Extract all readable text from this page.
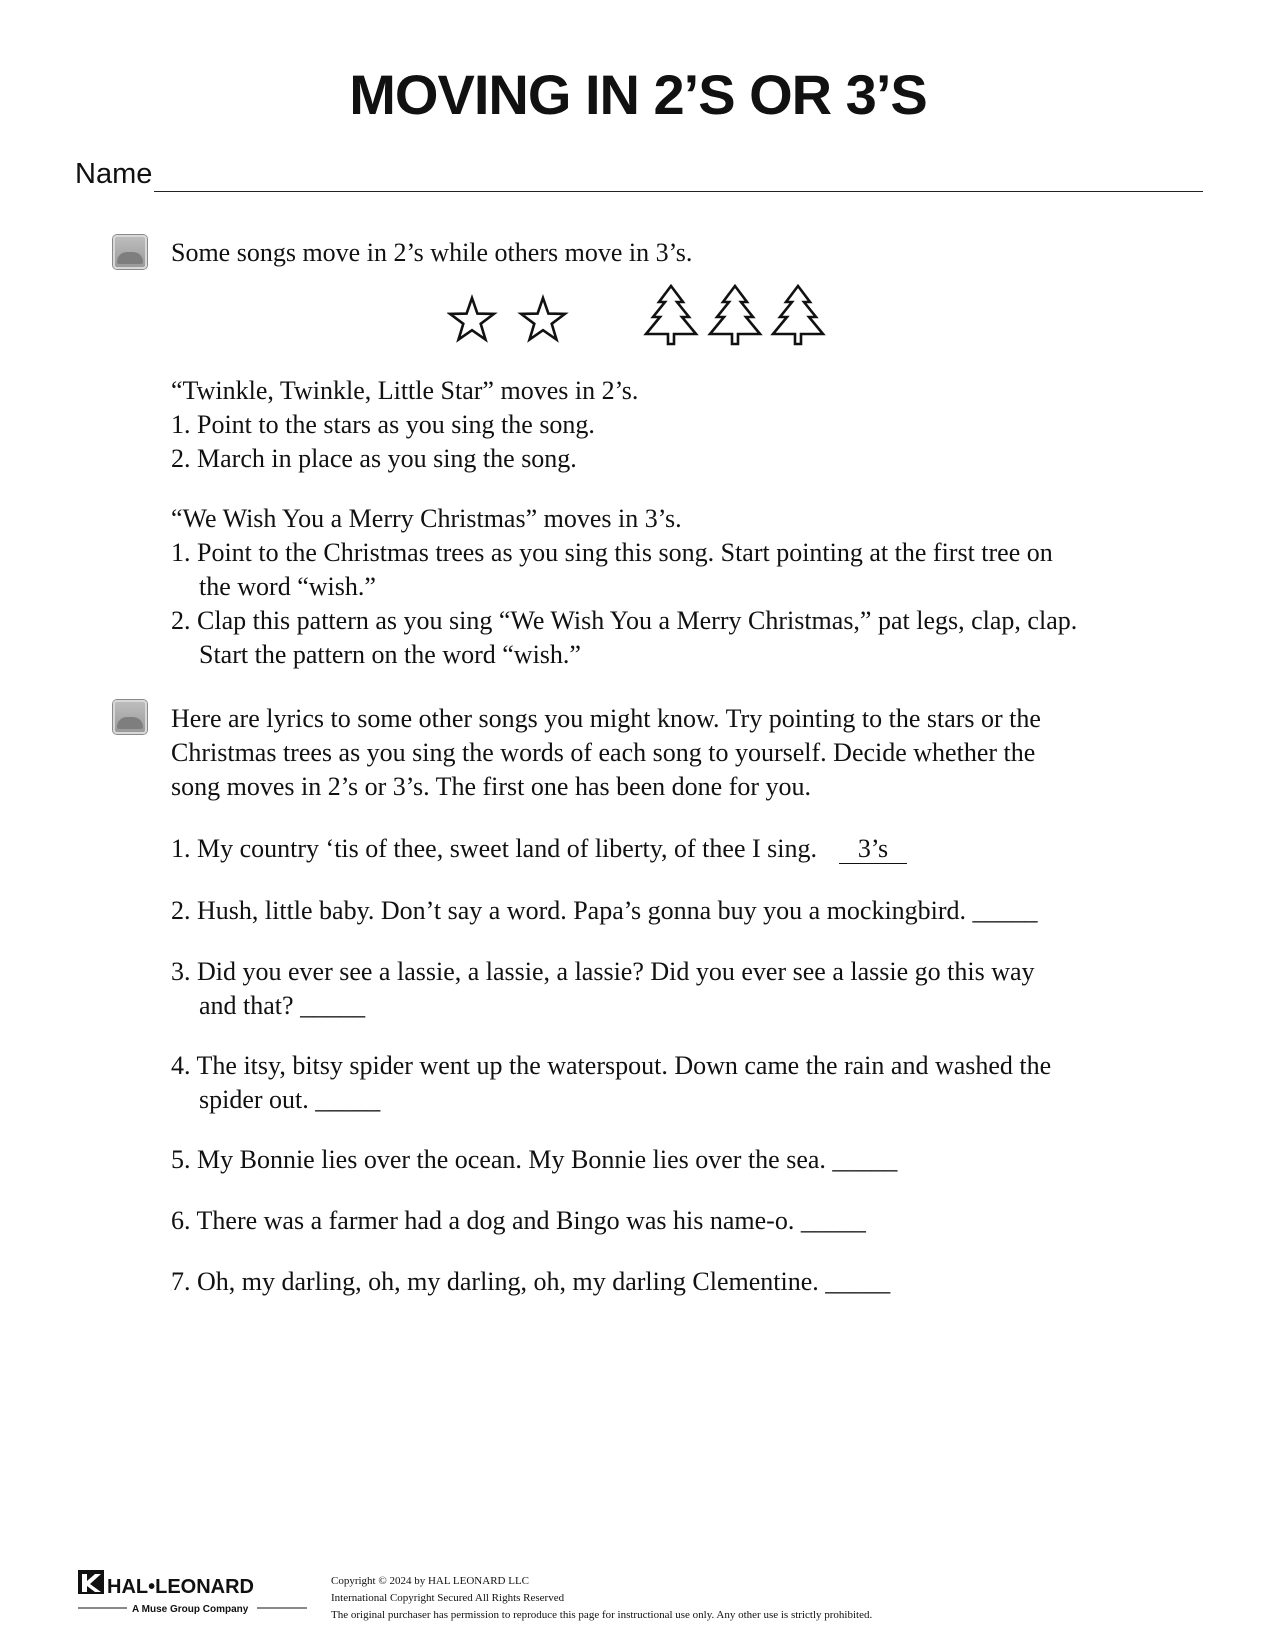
MOVING IN 2’S OR 3’S
Name
Some songs move in 2’s while others move in 3’s.
“Twinkle, Twinkle, Little Star” moves in 2’s.
1. Point to the stars as you sing the song.
2. March in place as you sing the song.
“We Wish You a Merry Christmas” moves in 3’s.
1. Point to the Christmas trees as you sing this song. Start pointing at the first tree on
the word “wish.”
2. Clap this pattern as you sing “We Wish You a Merry Christmas,” pat legs, clap, clap.
Start the pattern on the word “wish.”
Here are lyrics to some other songs you might know. Try pointing to the stars or the
Christmas trees as you sing the words of each song to yourself. Decide whether the
song moves in 2’s or 3’s. The first one has been done for you.
1. My country ‘tis of thee, sweet land of liberty, of thee I sing. 3’s
2. Hush, little baby. Don’t say a word. Papa’s gonna buy you a mockingbird. _____
3. Did you ever see a lassie, a lassie, a lassie? Did you ever see a lassie go this way
and that? _____
4. The itsy, bitsy spider went up the waterspout. Down came the rain and washed the
spider out. _____
5. My Bonnie lies over the ocean. My Bonnie lies over the sea. _____
6. There was a farmer had a dog and Bingo was his name-o. _____
7. Oh, my darling, oh, my darling, oh, my darling Clementine. _____
HAL•LEONARD
A Muse Group Company
Copyright © 2024 by HAL LEONARD LLC
International Copyright Secured All Rights Reserved
The original purchaser has permission to reproduce this page for instructional use only. Any other use is strictly prohibited.
